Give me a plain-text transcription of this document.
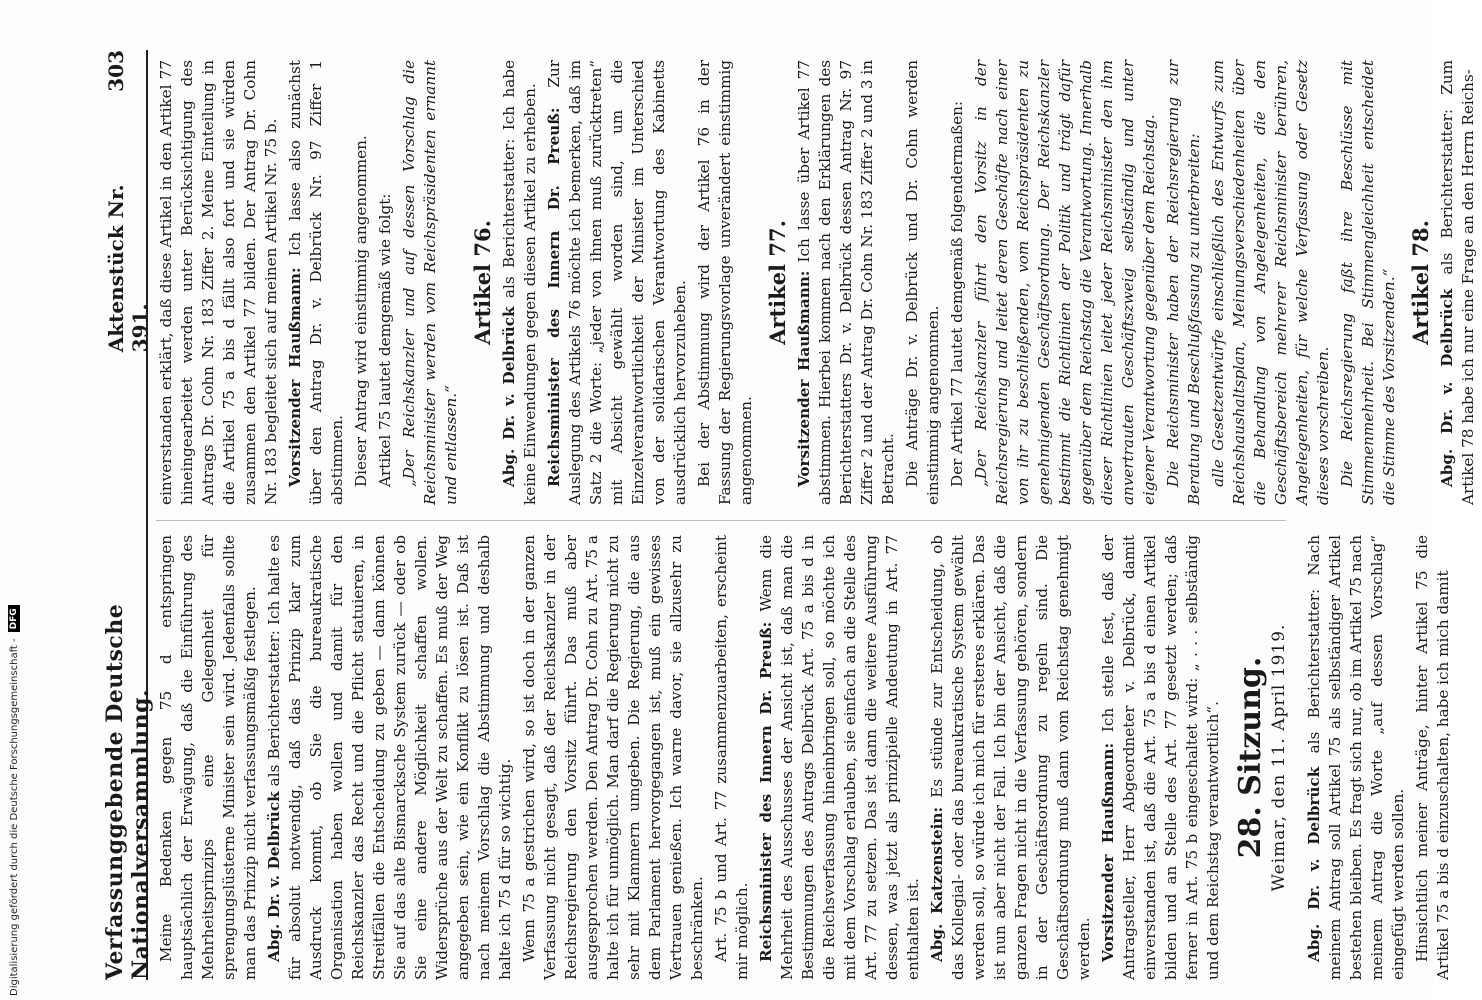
Verfassunggebende Deutsche Nationalversammlung.
Aktenstück Nr. 391.
303

Meine Bedenken gegen 75 d entspringen hauptsächlich der Erwägung, daß die Einführung des Mehrheitsprinzips eine Gelegenheit für sprengungslüsterne Minister sein wird. Jedenfalls sollte man das Prinzip nicht verfassungsmäßig festlegen. Abg. Dr. v. Delbrück als Berichterstatter: Ich halte es für absolut notwendig, daß das Prinzip klar zum Ausdruck kommt, ob Sie die bureaukratische Organisation haben wollen und damit für den Reichskanzler das Recht und die Pflicht statuieren, in Streitfällen die Entscheidung zu geben — dann können Sie auf das alte Bismarcksche System zurück — oder ob Sie eine andere Möglichkeit schaffen wollen. Widersprüche aus der Welt zu schaffen. Es muß der Weg angegeben sein, wie ein Konflikt zu lösen ist. Daß ist nach meinem Vorschlag die Abstimmung und deshalb halte ich 75 d für so wichtig. Wenn 75 a gestrichen wird, so ist doch in der ganzen Verfassung nicht gesagt, daß der Reichskanzler in der Reichsregierung den Vorsitz führt. Das muß aber ausgesprochen werden. Den Antrag Dr. Cohn zu Art. 75 a halte ich für unmöglich. Man darf die Regierung nicht zu sehr mit Klammern umgeben. Die Regierung, die aus dem Parlament hervorgegangen ist, muß ein gewisses Vertrauen genießen. Ich warne davor, sie allzusehr zu beschränken. Art. 75 b und Art. 77 zusammenzuarbeiten, erscheint mir möglich. Reichsminister des Innern Dr. Preuß: Wenn die Mehrheit des Ausschusses der Ansicht ist, daß man die Bestimmungen des Antrags Delbrück Art. 75 a bis d in die Reichsverfassung hineinbringen soll, so möchte ich mit dem Vorschlag erlauben, sie einfach an die Stelle des Art. 77 zu setzen. Das ist dann die weitere Ausführung dessen, was jetzt als prinzipielle Andeutung in Art. 77 enthalten ist. Abg. Katzenstein: Es stünde zur Entscheidung, ob das Kollegial- oder das bureaukratische System gewählt werden soll, so würde ich mich für ersteres erklären. Das ist nun aber nicht der Fall. Ich bin der Ansicht, daß die ganzen Fragen nicht in die Verfassung gehören, sondern in der Geschäftsordnung zu regeln sind. Die Geschäftsordnung muß dann vom Reichstag genehmigt werden. Vorsitzender Haußmann: Ich stelle fest, daß der Antragsteller, Herr Abgeordneter v. Delbrück, damit einverstanden ist, daß die Art. 75 a bis d einen Artikel bilden und an Stelle des Art. 77 gesetzt werden; daß ferner in Art. 75 b eingeschaltet wird: „ . . . selbständig und dem Reichstag verantwortlich“. 28. Sitzung. Weimar, den 11. April 1919. Abg. Dr. v. Delbrück als Berichterstatter: Nach meinem Antrag soll Artikel 75 als selbständiger Artikel bestehen bleiben. Es fragt sich nur, ob im Artikel 75 nach meinem Antrag die Worte „auf dessen Vorschlag“ eingefügt werden sollen. Hinsichtlich meiner Anträge, hinter Artikel 75 die Artikel 75 a bis d einzuschalten, habe ich mich damit

einverstanden erklärt, daß diese Artikel in den Artikel 77 hineingearbeitet werden unter Berücksichtigung des Antrags Dr. Cohn Nr. 183 Ziffer 2. Meine Einteilung in die Artikel 75 a bis d fällt also fort und sie würden zusammen den Artikel 77 bilden. Der Antrag Dr. Cohn Nr. 183 begleitet sich auf meinen Artikel Nr. 75 b. Vorsitzender Haußmann: Ich lasse also zunächst über den Antrag Dr. v. Delbrück Nr. 97 Ziffer 1 abstimmen. Dieser Antrag wird einstimmig angenommen. Artikel 75 lautet demgemäß wie folgt: „Der Reichskanzler und auf dessen Vorschlag die Reichsminister werden vom Reichspräsidenten ernannt und entlassen.“

Artikel 76.

Abg. Dr. v. Delbrück als Berichterstatter: Ich habe keine Einwendungen gegen diesen Artikel zu erheben. Reichsminister des Innern Dr. Preuß: Zur Auslegung des Artikels 76 möchte ich bemerken, daß im Satz 2 die Worte: „jeder von ihnen muß zurücktreten“ mit Absicht gewählt worden sind, um die Einzelverantwortlichkeit der Minister im Unterschied von der solidarischen Verantwortung des Kabinetts ausdrücklich hervorzuheben. Bei der Abstimmung wird der Artikel 76 in der Fassung der Regierungsvorlage unverändert einstimmig angenommen.

Artikel 77. Vorsitzender Haußmann: Ich lasse über Artikel 77 abstimmen. Hierbei kommen nach den Erklärungen des Berichterstatters Dr. v. Delbrück dessen Antrag Nr. 97 Ziffer 2 und der Antrag Dr. Cohn Nr. 183 Ziffer 2 und 3 in Betracht. Die Anträge Dr. v. Delbrück und Dr. Cohn werden einstimmig angenommen. Der Artikel 77 lautet demgemäß folgendermaßen: „Der Reichskanzler führt den Vorsitz in der Reichsregierung und leitet deren Geschäfte nach einer von ihr zu beschließenden, vom Reichspräsidenten zu genehmigenden Geschäftsordnung. Der Reichskanzler bestimmt die Richtlinien der Politik und trägt dafür gegenüber dem Reichstag die Verantwortung. Innerhalb dieser Richtlinien leitet jeder Reichsminister den ihm anvertrauten Geschäftszweig selbständig und unter eigener Verantwortung gegenüber dem Reichstag. Die Reichsminister haben der Reichsregierung zur Beratung und Beschlußfassung zu unterbreiten: alle Gesetzentwürfe einschließlich des Entwurfs zum Reichshaushaltsplan, Meinungsverschiedenheiten über die Behandlung von Angelegenheiten, die den Geschäftsbereich mehrerer Reichsminister berühren, Angelegenheiten, für welche Verfassung oder Gesetz dieses vorschreiben. Die Reichsregierung faßt ihre Beschlüsse mit Stimmenmehrheit. Bei Stimmengleichheit entscheidet die Stimme des Vorsitzenden.“ Artikel 78.

Abg. Dr. v. Delbrück als Berichterstatter: Zum Artikel 78 habe ich nur eine Frage an den Herrn Reichs-

Digitalisierung gefördert durch die Deutsche Forschungsgemeinschaft -
DFG
